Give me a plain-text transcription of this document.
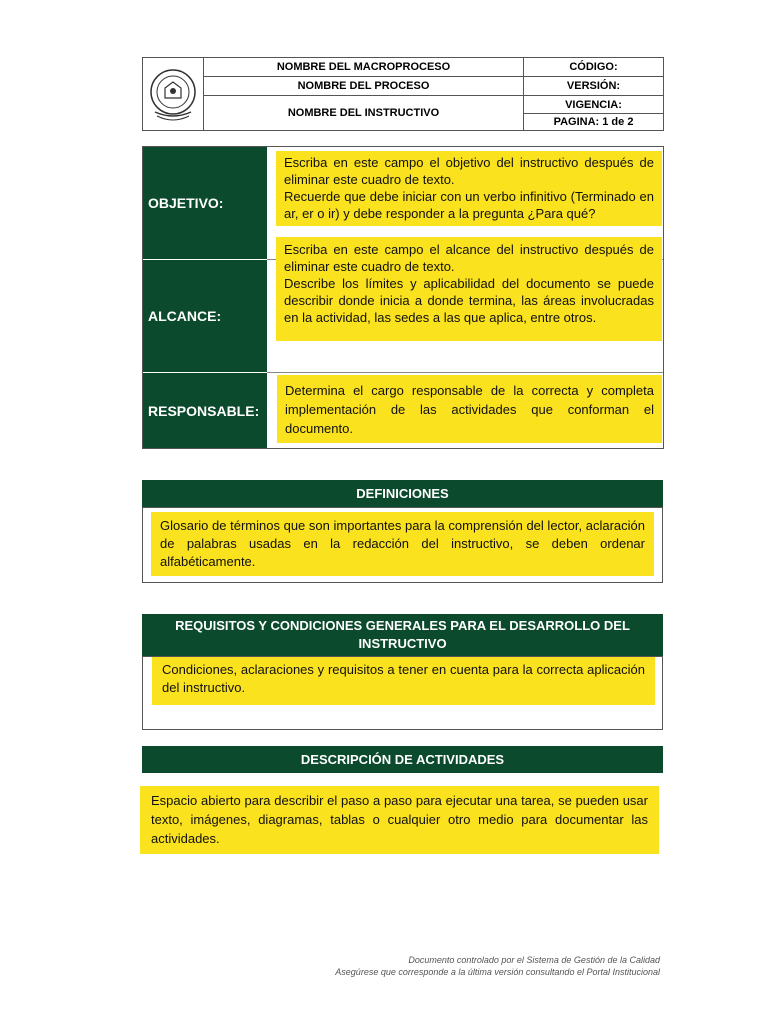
NOMBRE DEL MACROPROCESO
NOMBRE DEL PROCESO
NOMBRE DEL INSTRUCTIVO
CÓDIGO:
VERSIÓN:
VIGENCIA:
PAGINA: 1 de 2
OBJETIVO:
ALCANCE:
RESPONSABLE:
Escriba en este campo el objetivo del instructivo después de eliminar este cuadro de texto.
Recuerde que debe iniciar con un verbo infinitivo (Terminado en ar, er o ir) y debe responder a la pregunta ¿Para qué?
Escriba en este campo el alcance del instructivo después de eliminar este cuadro de texto.
Describe los límites y aplicabilidad del documento se puede describir donde inicia a donde termina, las áreas involucradas en la actividad, las sedes a las que aplica, entre otros.
Determina el cargo responsable de la correcta y completa implementación de las actividades que conforman el documento.
DEFINICIONES
Glosario de términos que son importantes para la comprensión del lector, aclaración de palabras usadas en la redacción del instructivo, se deben ordenar alfabéticamente.
REQUISITOS Y CONDICIONES GENERALES PARA EL DESARROLLO DEL INSTRUCTIVO
Condiciones, aclaraciones y requisitos a tener en cuenta para la correcta aplicación del instructivo.
DESCRIPCIÓN DE ACTIVIDADES
Espacio abierto para describir el paso a paso para ejecutar una tarea, se pueden usar texto, imágenes, diagramas, tablas o cualquier otro medio para documentar las actividades.
Documento controlado por el Sistema de Gestión de la Calidad
Asegúrese que corresponde a la última versión consultando el Portal Institucional
